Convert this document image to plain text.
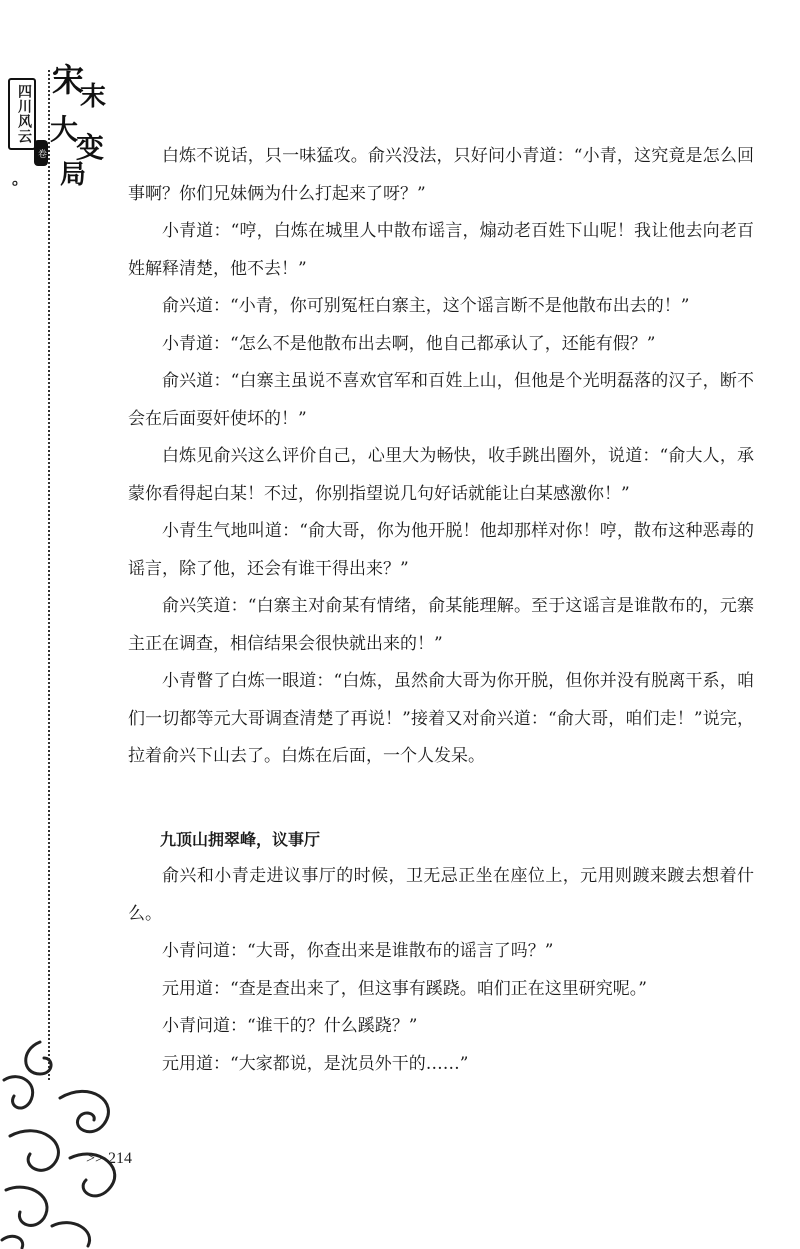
四川风云
。
宋
末
大
变
局
卷	白炼不说话，只一味猛攻。俞兴没法，只好问小青道：“小青，这究竟是怎么回事啊？你们兄妹俩为什么打起来了呀？”

小青道：“哼，白炼在城里人中散布谣言，煽动老百姓下山呢！我让他去向老百姓解释清楚，他不去！”

俞兴道：“小青，你可别冤枉白寨主，这个谣言断不是他散布出去的！”

小青道：“怎么不是他散布出去啊，他自己都承认了，还能有假？”

俞兴道：“白寨主虽说不喜欢官军和百姓上山，但他是个光明磊落的汉子，断不会在后面耍奸使坏的！”

白炼见俞兴这么评价自己，心里大为畅快，收手跳出圈外，说道：“俞大人，承蒙你看得起白某！不过，你别指望说几句好话就能让白某感激你！”

小青生气地叫道：“俞大哥，你为他开脱！他却那样对你！哼，散布这种恶毒的谣言，除了他，还会有谁干得出来？”

俞兴笑道：“白寨主对俞某有情绪，俞某能理解。至于这谣言是谁散布的，元寨主正在调查，相信结果会很快就出来的！”

小青瞥了白炼一眼道：“白炼，虽然俞大哥为你开脱，但你并没有脱离干系，咱们一切都等元大哥调查清楚了再说！”接着又对俞兴道：“俞大哥，咱们走！”说完，拉着俞兴下山去了。白炼在后面，一个人发呆。

九顶山拥翠峰，议事厅

俞兴和小青走进议事厅的时候，卫无忌正坐在座位上，元用则踱来踱去想着什么。

小青问道：“大哥，你查出来是谁散布的谣言了吗？”

元用道：“查是查出来了，但这事有蹊跷。咱们正在这里研究呢。”

小青问道：“谁干的？什么蹊跷？”

元用道：“大家都说，是沈员外干的……”

>> 214
